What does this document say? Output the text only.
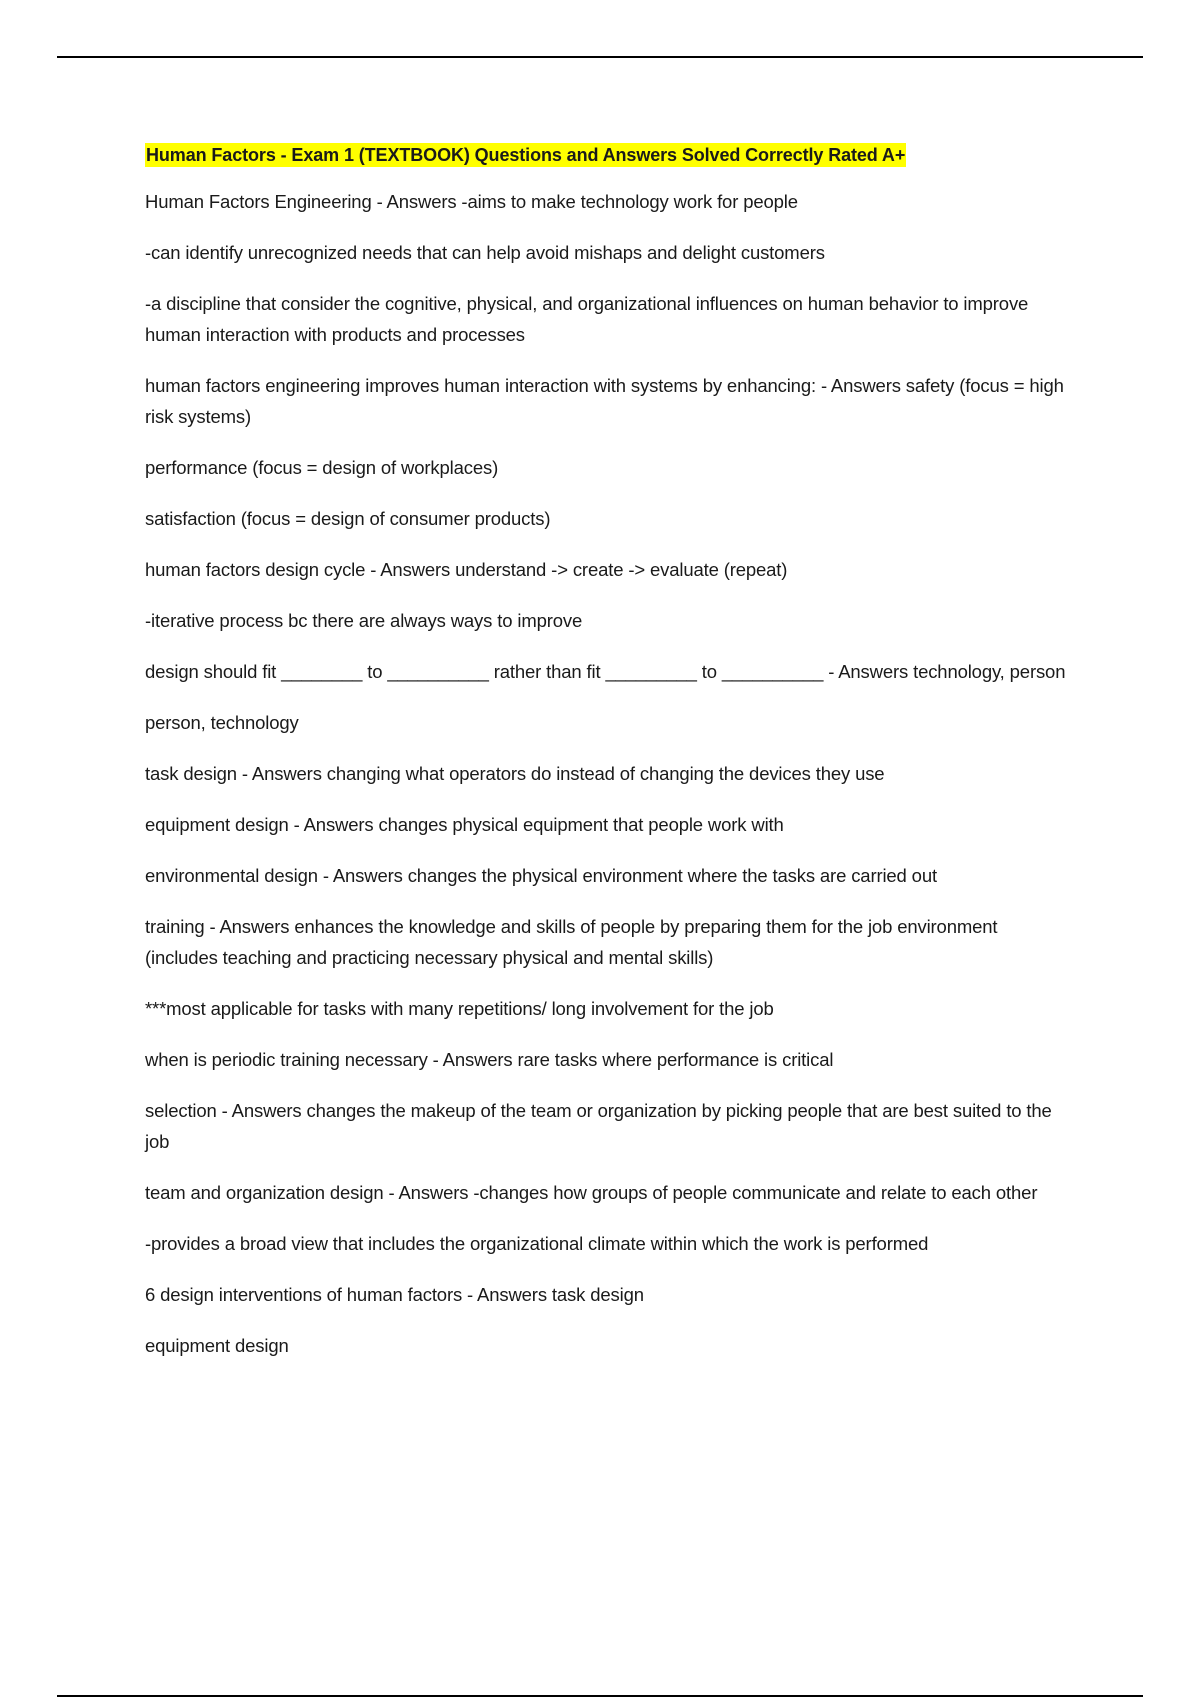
Human Factors - Exam 1 (TEXTBOOK) Questions and Answers Solved Correctly Rated A+

Human Factors Engineering - Answers -aims to make technology work for people

-can identify unrecognized needs that can help avoid mishaps and delight customers

-a discipline that consider the cognitive, physical, and organizational influences on human behavior to improve human interaction with products and processes

human factors engineering improves human interaction with systems by enhancing: - Answers safety (focus = high risk systems)

performance (focus = design of workplaces)

satisfaction (focus = design of consumer products)

human factors design cycle - Answers understand -> create -> evaluate (repeat)

-iterative process bc there are always ways to improve

design should fit ________ to __________ rather than fit _________ to __________ - Answers technology, person

person, technology

task design - Answers changing what operators do instead of changing the devices they use

equipment design - Answers changes physical equipment that people work with

environmental design - Answers changes the physical environment where the tasks are carried out

training - Answers enhances the knowledge and skills of people by preparing them for the job environment (includes teaching and practicing necessary physical and mental skills)

***most applicable for tasks with many repetitions/ long involvement for the job

when is periodic training necessary - Answers rare tasks where performance is critical

selection - Answers changes the makeup of the team or organization by picking people that are best suited to the job

team and organization design - Answers -changes how groups of people communicate and relate to each other

-provides a broad view that includes the organizational climate within which the work is performed

6 design interventions of human factors - Answers task design

equipment design
